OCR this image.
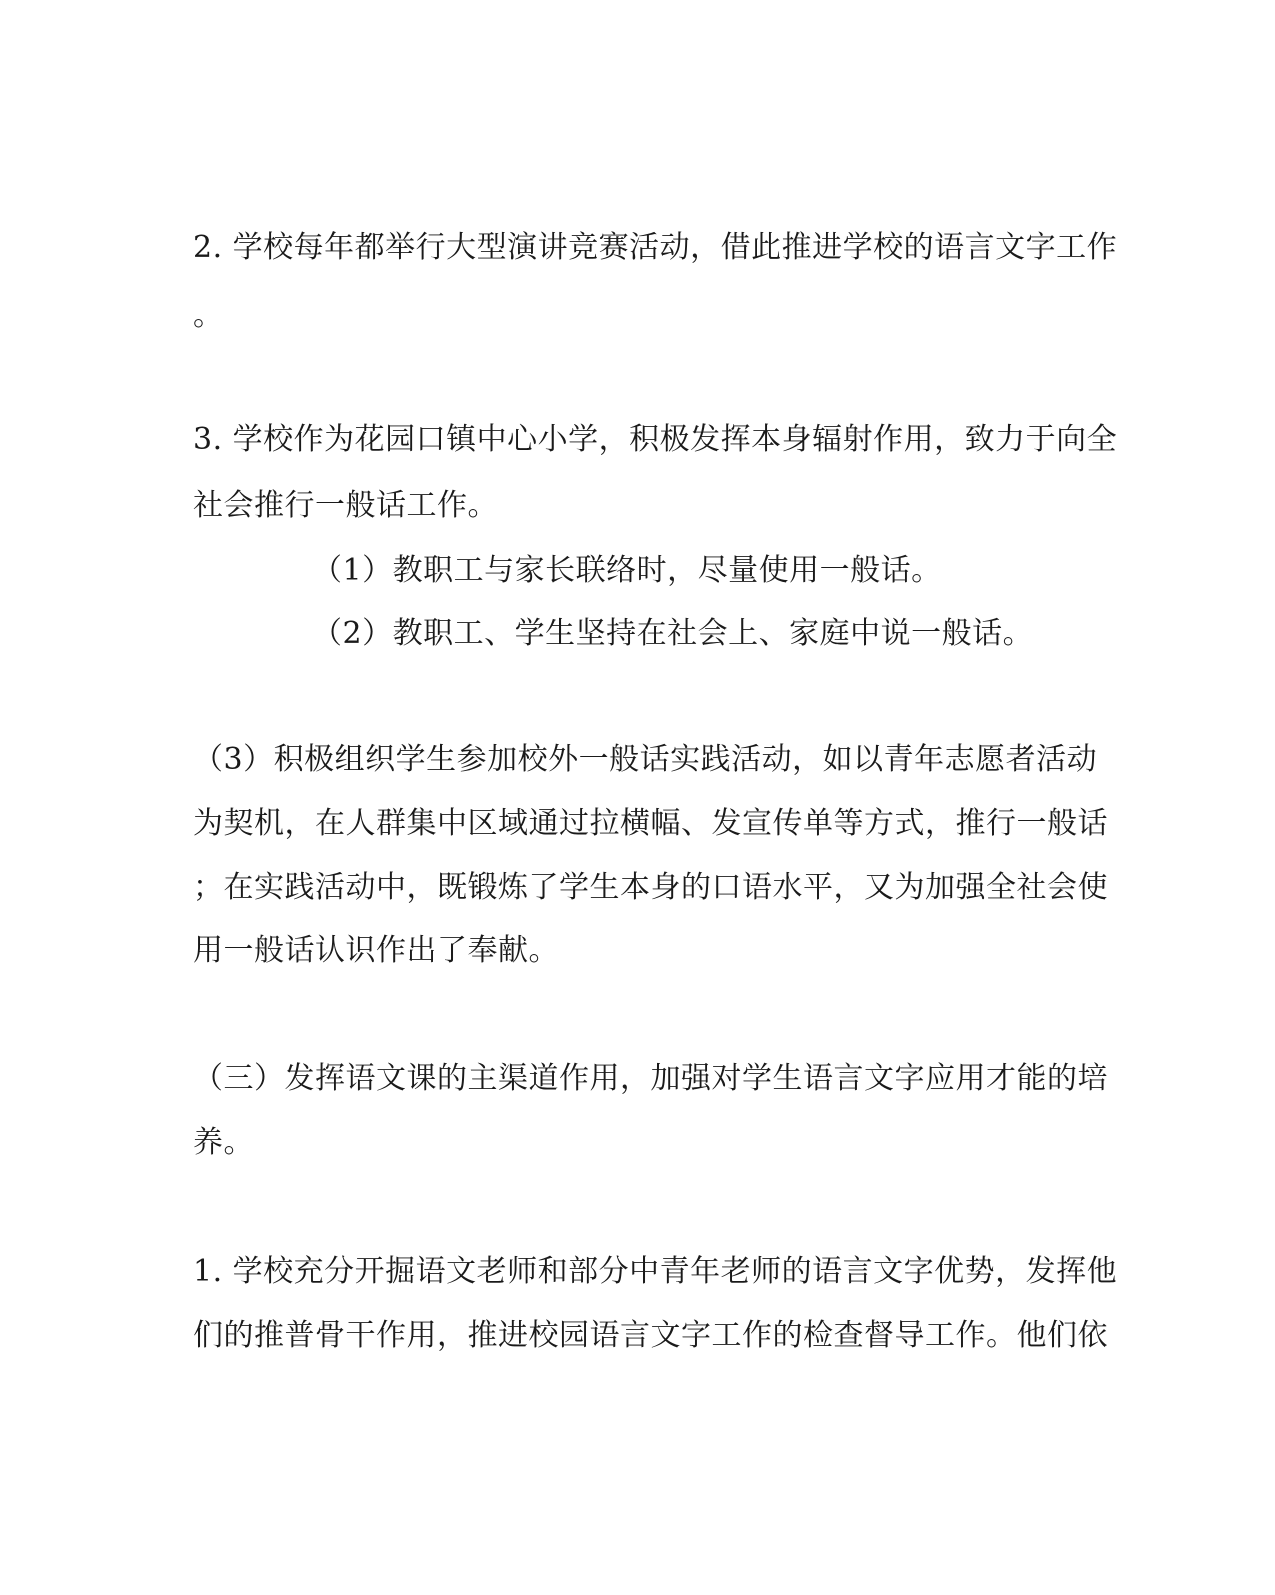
2. 学校每年都举行大型演讲竞赛活动，借此推进学校的语言文字工作
。
3. 学校作为花园口镇中心小学，积极发挥本身辐射作用，致力于向全
社会推行一般话工作。
（1）教职工与家长联络时，尽量使用一般话。
（2）教职工、学生坚持在社会上、家庭中说一般话。
（3）积极组织学生参加校外一般话实践活动，如以青年志愿者活动
为契机，在人群集中区域通过拉横幅、发宣传单等方式，推行一般话
；在实践活动中，既锻炼了学生本身的口语水平，又为加强全社会使
用一般话认识作出了奉献。
（三）发挥语文课的主渠道作用，加强对学生语言文字应用才能的培
养。
1. 学校充分开掘语文老师和部分中青年老师的语言文字优势，发挥他
们的推普骨干作用，推进校园语言文字工作的检查督导工作。他们依
